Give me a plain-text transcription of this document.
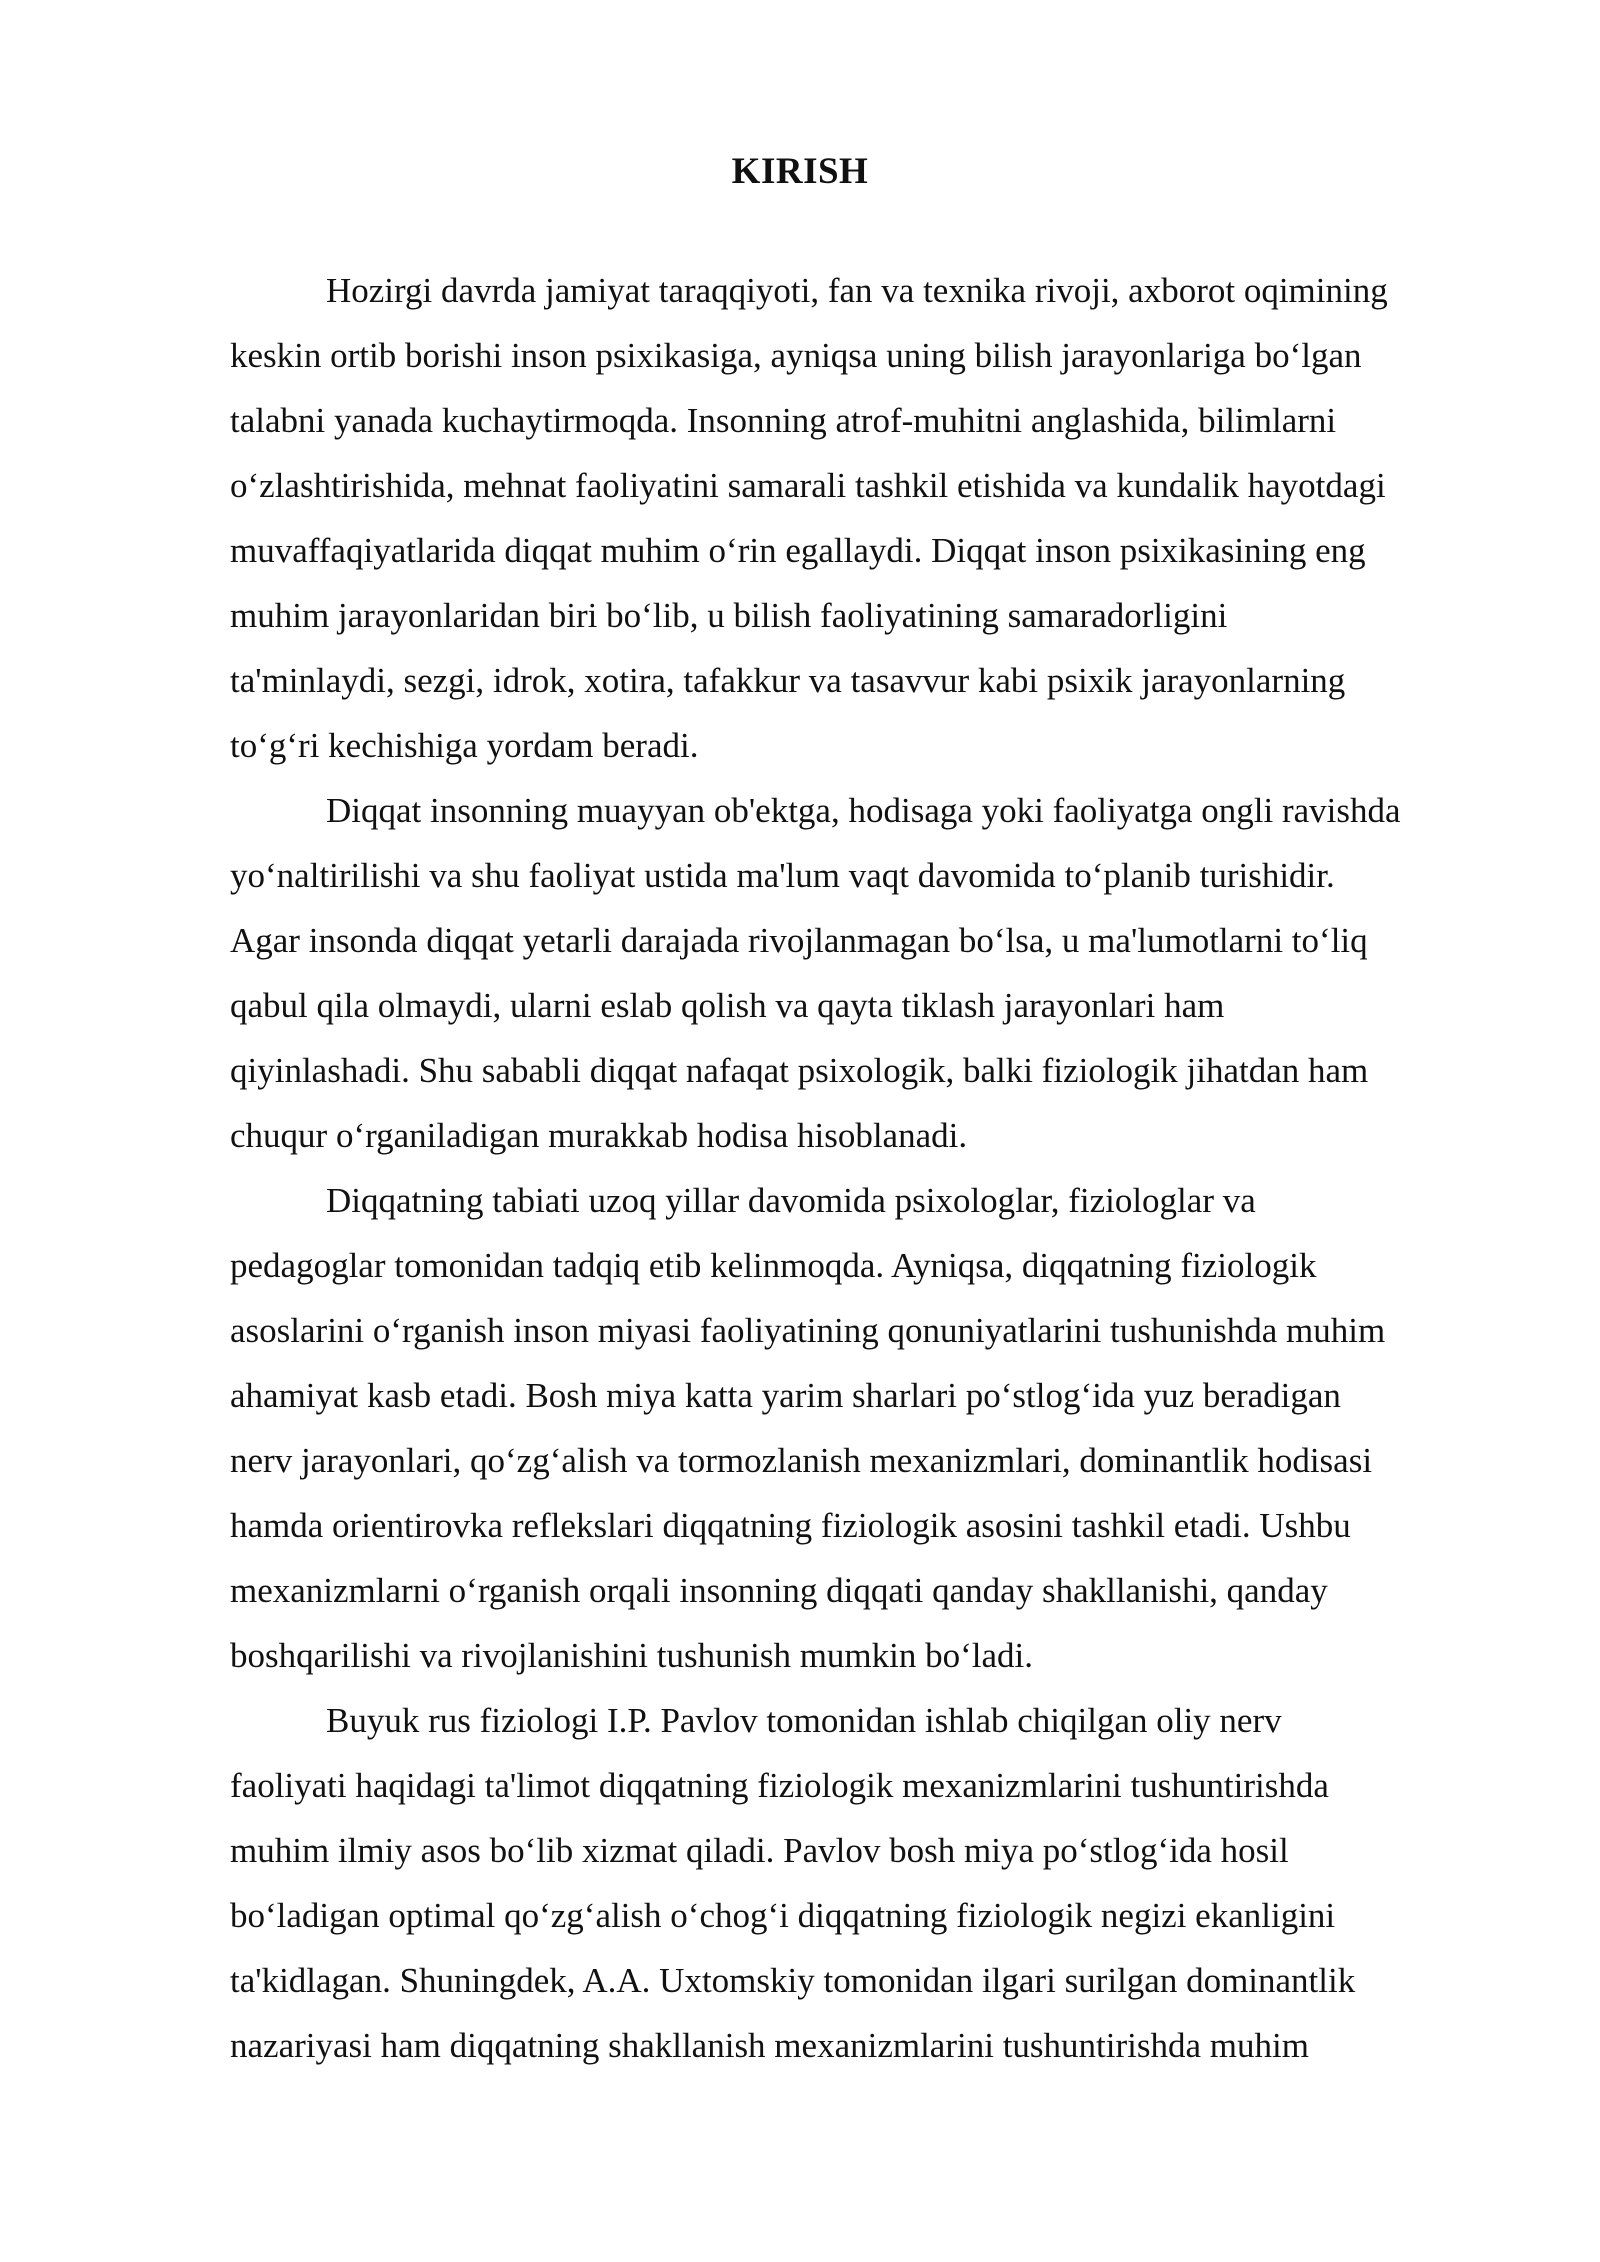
KIRISH
Hozirgi davrda jamiyat taraqqiyoti, fan va texnika rivoji, axborot oqimining
keskin ortib borishi inson psixikasiga, ayniqsa uning bilish jarayonlariga bo‘lgan
talabni yanada kuchaytirmoqda. Insonning atrof-muhitni anglashida, bilimlarni
o‘zlashtirishida, mehnat faoliyatini samarali tashkil etishida va kundalik hayotdagi
muvaffaqiyatlarida diqqat muhim o‘rin egallaydi. Diqqat inson psixikasining eng
muhim jarayonlaridan biri bo‘lib, u bilish faoliyatining samaradorligini
ta'minlaydi, sezgi, idrok, xotira, tafakkur va tasavvur kabi psixik jarayonlarning
to‘g‘ri kechishiga yordam beradi.
Diqqat insonning muayyan ob'ektga, hodisaga yoki faoliyatga ongli ravishda
yo‘naltirilishi va shu faoliyat ustida ma'lum vaqt davomida to‘planib turishidir.
Agar insonda diqqat yetarli darajada rivojlanmagan bo‘lsa, u ma'lumotlarni to‘liq
qabul qila olmaydi, ularni eslab qolish va qayta tiklash jarayonlari ham
qiyinlashadi. Shu sababli diqqat nafaqat psixologik, balki fiziologik jihatdan ham
chuqur o‘rganiladigan murakkab hodisa hisoblanadi.
Diqqatning tabiati uzoq yillar davomida psixologlar, fiziologlar va
pedagoglar tomonidan tadqiq etib kelinmoqda. Ayniqsa, diqqatning fiziologik
asoslarini o‘rganish inson miyasi faoliyatining qonuniyatlarini tushunishda muhim
ahamiyat kasb etadi. Bosh miya katta yarim sharlari po‘stlog‘ida yuz beradigan
nerv jarayonlari, qo‘zg‘alish va tormozlanish mexanizmlari, dominantlik hodisasi
hamda orientirovka reflekslari diqqatning fiziologik asosini tashkil etadi. Ushbu
mexanizmlarni o‘rganish orqali insonning diqqati qanday shakllanishi, qanday
boshqarilishi va rivojlanishini tushunish mumkin bo‘ladi.
Buyuk rus fiziologi I.P. Pavlov tomonidan ishlab chiqilgan oliy nerv
faoliyati haqidagi ta'limot diqqatning fiziologik mexanizmlarini tushuntirishda
muhim ilmiy asos bo‘lib xizmat qiladi. Pavlov bosh miya po‘stlog‘ida hosil
bo‘ladigan optimal qo‘zg‘alish o‘chog‘i diqqatning fiziologik negizi ekanligini
ta'kidlagan. Shuningdek, A.A. Uxtomskiy tomonidan ilgari surilgan dominantlik
nazariyasi ham diqqatning shakllanish mexanizmlarini tushuntirishda muhim
